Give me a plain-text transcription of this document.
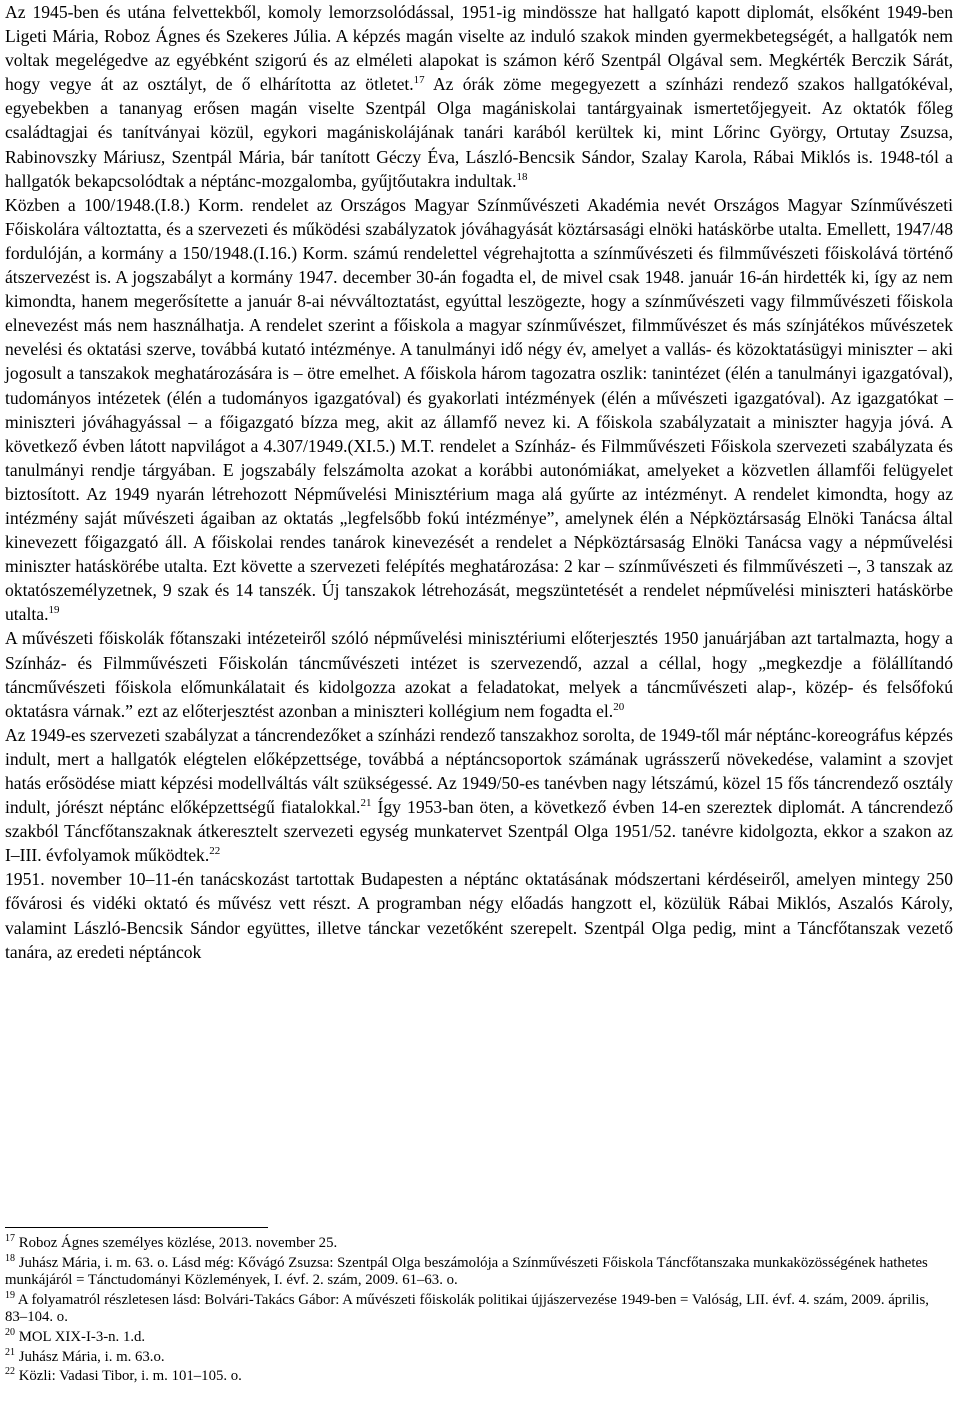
Az 1945-ben és utána felvettekből, komoly lemorzsolódással, 1951-ig mindössze hat hallgató kapott diplomát, elsőként 1949-ben Ligeti Mária, Roboz Ágnes és Szekeres Júlia. A képzés magán viselte az induló szakok minden gyermekbetegségét, a hallgatók nem voltak megelégedve az egyébként szigorú és az elméleti alapokat is számon kérő Szentpál Olgával sem. Megkérték Berczik Sárát, hogy vegye át az osztályt, de ő elhárította az ötletet.$^{17}$ Az órák zöme megegyezett a színházi rendező szakos hallgatókéval, egyebekben a tananyag erősen magán viselte Szentpál Olga magániskolai tantárgyainak ismertetőjegyeit. Az oktatók főleg családtagjai és tanítványai közül, egykori magániskolájának tanári karából kerültek ki, mint Lőrinc György, Ortutay Zsuzsa, Rabinovszky Máriusz, Szentpál Mária, bár tanított Géczy Éva, László-Bencsik Sándor, Szalay Karola, Rábai Miklós is. 1948-tól a hallgatók bekapcsolódtak a néptánc-mozgalomba, gyűjtőutakra indultak.$^{18}$

Közben a 100/1948.(I.8.) Korm. rendelet az Országos Magyar Színművészeti Akadémia nevét Országos Magyar Színművészeti Főiskolára változtatta, és a szervezeti és működési szabályzatok jóváhagyását köztársasági elnöki hatáskörbe utalta. Emellett, 1947/48 fordulóján, a kormány a 150/1948.(I.16.) Korm. számú rendelettel végrehajtotta a színművészeti és filmművészeti főiskolává történő átszervezést is. A jogszabályt a kormány 1947. december 30-án fogadta el, de mivel csak 1948. január 16-án hirdették ki, így az nem kimondta, hanem megerősítette a január 8-ai névváltoztatást, egyúttal leszögezte, hogy a színművészeti vagy filmművészeti főiskola elnevezést más nem használhatja. A rendelet szerint a főiskola a magyar színművészet, filmművészet és más színjátékos művészetek nevelési és oktatási szerve, továbbá kutató intézménye. A tanulmányi idő négy év, amelyet a vallás- és közoktatásügyi miniszter – aki jogosult a tanszakok meghatározására is – ötre emelhet. A főiskola három tagozatra oszlik: tanintézet (élén a tanulmányi igazgatóval), tudományos intézetek (élén a tudományos igazgatóval) és gyakorlati intézmények (élén a művészeti igazgatóval). Az igazgatókat – miniszteri jóváhagyással – a főigazgató bízza meg, akit az államfő nevez ki. A főiskola szabályzatait a miniszter hagyja jóvá. A következő évben látott napvilágot a 4.307/1949.(XI.5.) M.T. rendelet a Színház- és Filmművészeti Főiskola szervezeti szabályzata és tanulmányi rendje tárgyában. E jogszabály felszámolta azokat a korábbi autonómiákat, amelyeket a közvetlen államfői felügyelet biztosított. Az 1949 nyarán létrehozott Népművelési Minisztérium maga alá gyűrte az intézményt. A rendelet kimondta, hogy az intézmény saját művészeti ágaiban az oktatás „legfelsőbb fokú intézménye”, amelynek élén a Népköztársaság Elnöki Tanácsa által kinevezett főigazgató áll. A főiskolai rendes tanárok kinevezését a rendelet a Népköztársaság Elnöki Tanácsa vagy a népművelési miniszter hatáskörébe utalta. Ezt követte a szervezeti felépítés meghatározása: 2 kar – színművészeti és filmművészeti –, 3 tanszak az oktatószemélyzetnek, 9 szak és 14 tanszék. Új tanszakok létrehozását, megszüntetését a rendelet népművelési miniszteri hatáskörbe utalta.$^{19}$

A művészeti főiskolák főtanszaki intézeteiről szóló népművelési minisztériumi előterjesztés 1950 januárjában azt tartalmazta, hogy a Színház- és Filmművészeti Főiskolán táncművészeti intézet is szervezendő, azzal a céllal, hogy „megkezdje a fölállítandó táncművészeti főiskola előmunkálatait és kidolgozza azokat a feladatokat, melyek a táncművészeti alap-, közép- és felsőfokú oktatásra várnak.” ezt az előterjesztést azonban a miniszteri kollégium nem fogadta el.$^{20}$

Az 1949-es szervezeti szabályzat a táncrendezőket a színházi rendező tanszakhoz sorolta, de 1949-től már néptánc-koreográfus képzés indult, mert a hallgatók elégtelen előképzettsége, továbbá a néptáncsoportok számának ugrásszerű növekedése, valamint a szovjet hatás erősödése miatt képzési modellváltás vált szükségessé. Az 1949/50-es tanévben nagy létszámú, közel 15 fős táncrendező osztály indult, jórészt néptánc előképzettségű fiatalokkal.$^{21}$ Így 1953-ban öten, a következő évben 14-en szereztek diplomát. A táncrendező szakból Táncfőtanszaknak átkeresztelt szervezeti egység munkatervet Szentpál Olga 1951/52. tanévre kidolgozta, ekkor a szakon az I–III. évfolyamok működtek.$^{22}$

1951. november 10–11-én tanácskozást tartottak Budapesten a néptánc oktatásának módszertani kérdéseiről, amelyen mintegy 250 fővárosi és vidéki oktató és művész vett részt. A programban négy előadás hangzott el, közülük Rábai Miklós, Aszalós Károly, valamint László-Bencsik Sándor együttes, illetve tánckar vezetőként szerepelt. Szentpál Olga pedig, mint a Táncfőtanszak vezető tanára, az eredeti néptáncok

$^{17}$ Roboz Ágnes személyes közlése, 2013. november 25.

$^{18}$ Juhász Mária, i. m. 63. o. Lásd még: Kővágó Zsuzsa: Szentpál Olga beszámolója a Színművészeti Főiskola Táncfőtanszaka munkaközösségének hathetes munkájáról = Tánctudományi Közlemények, I. évf. 2. szám, 2009. 61–63. o.

$^{19}$ A folyamatról részletesen lásd: Bolvári-Takács Gábor: A művészeti főiskolák politikai újjászervezése 1949-ben = Valóság, LII. évf. 4. szám, 2009. április, 83–104. o.

$^{20}$ MOL XIX-I-3-n. 1.d.

$^{21}$ Juhász Mária, i. m. 63.o.

$^{22}$ Közli: Vadasi Tibor, i. m. 101–105. o.
